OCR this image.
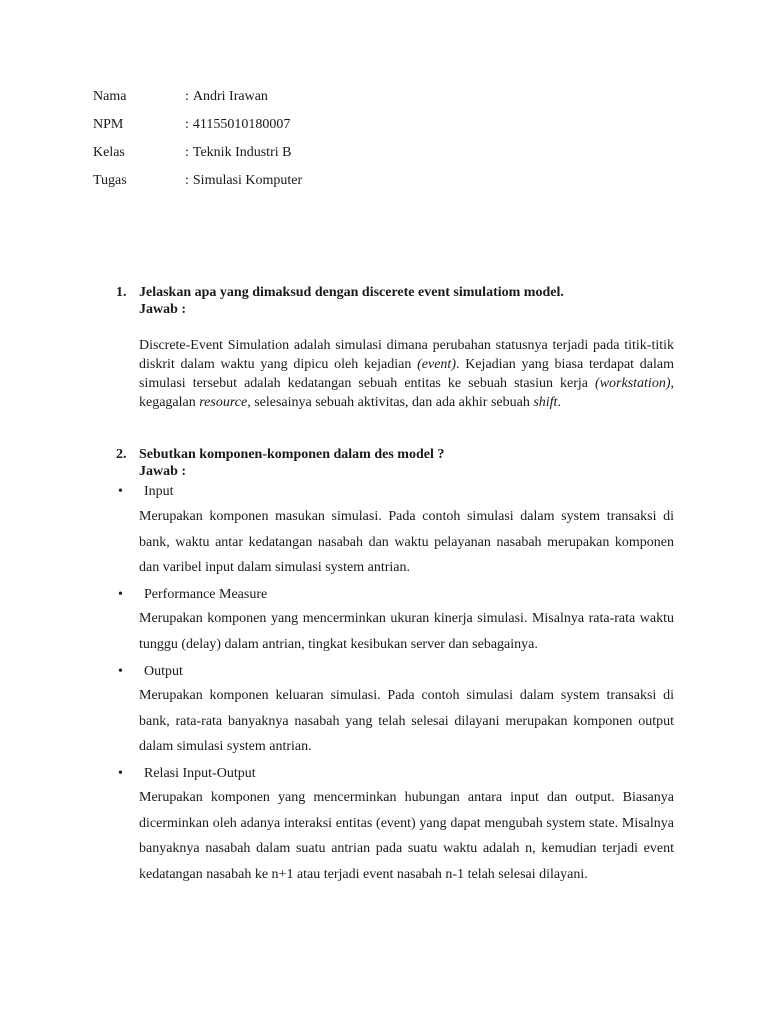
Nama	: Andri Irawan
NPM	: 41155010180007
Kelas	: Teknik Industri B
Tugas	: Simulasi Komputer
1. Jelaskan apa yang dimaksud dengan discerete event simulatiom model.
Jawab :
Discrete-Event Simulation adalah simulasi dimana perubahan statusnya terjadi pada titik-titik diskrit dalam waktu yang dipicu oleh kejadian (event). Kejadian yang biasa terdapat dalam simulasi tersebut adalah kedatangan sebuah entitas ke sebuah stasiun kerja (workstation), kegagalan resource, selesainya sebuah aktivitas, dan ada akhir sebuah shift.
2. Sebutkan komponen-komponen dalam des model ?
Jawab :
• Input
Merupakan komponen masukan simulasi. Pada contoh simulasi dalam system transaksi di bank, waktu antar kedatangan nasabah dan waktu pelayanan nasabah merupakan komponen dan varibel input dalam simulasi system antrian.
• Performance Measure
Merupakan komponen yang mencerminkan ukuran kinerja simulasi. Misalnya rata-rata waktu tunggu (delay) dalam antrian, tingkat kesibukan server dan sebagainya.
• Output
Merupakan komponen keluaran simulasi. Pada contoh simulasi dalam system transaksi di bank, rata-rata banyaknya nasabah yang telah selesai dilayani merupakan komponen output dalam simulasi system antrian.
• Relasi Input-Output
Merupakan komponen yang mencerminkan hubungan antara input dan output. Biasanya dicerminkan oleh adanya interaksi entitas (event) yang dapat mengubah system state. Misalnya banyaknya nasabah dalam suatu antrian pada suatu waktu adalah n, kemudian terjadi event kedatangan nasabah ke n+1 atau terjadi event nasabah n-1 telah selesai dilayani.
